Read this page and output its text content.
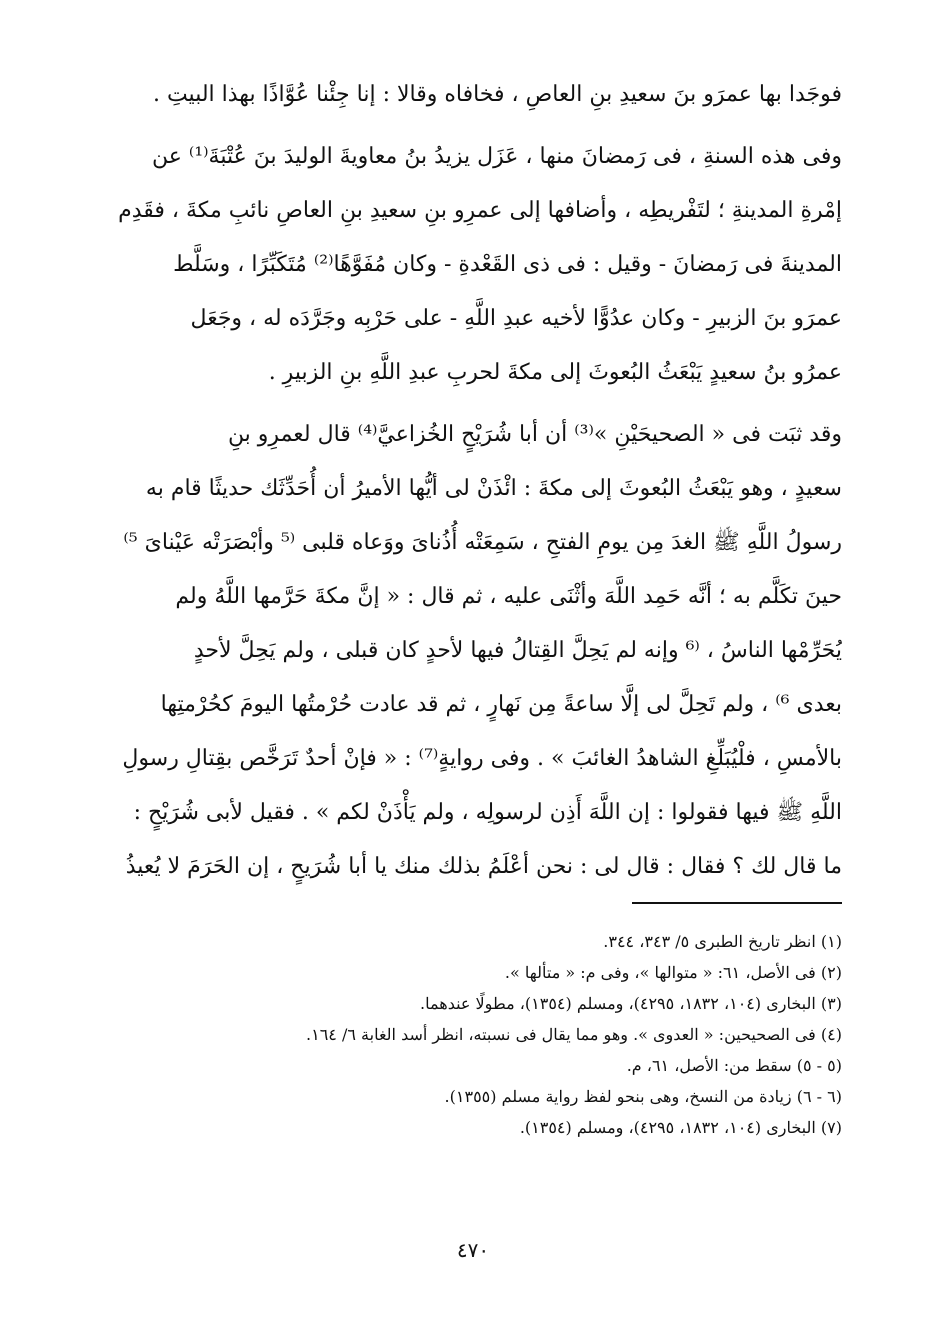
فوجَدا بها عمرَو بنَ سعيدِ بنِ العاصِ ، فخافاه وقالا : إنا جِئْنا عُوَّاذًا بهذا البيتِ .

وفى هذه السنةِ ، فى رَمضانَ منها ، عَزَل يزيدُ بنُ معاويةَ الوليدَ بنَ عُتْبَةَ⁽¹⁾ عن
إمْرةِ المدينةِ ؛ لتَفْريطِه ، وأضافها إلى عمرِو بنِ سعيدِ بنِ العاصِ نائبِ مكةَ ، فقَدِم
المدينةَ فى رَمضانَ - وقيل : فى ذى القَعْدةِ - وكان مُفَوَّهًا⁽²⁾ مُتَكَبِّرًا ، وسَلَّط
عمرَو بنَ الزبيرِ - وكان عدُوًّا لأخيه عبدِ اللَّهِ - على حَرْبِه وجَرَّدَه له ، وجَعَل
عمرُو بنُ سعيدٍ يَبْعَثُ البُعوثَ إلى مكةَ لحربِ عبدِ اللَّهِ بنِ الزبيرِ .

وقد ثبَت فى « الصحيحَيْنِ »⁽³⁾ أن أبا شُرَيْحٍ الخُزاعيَّ⁽⁴⁾ قال لعمرِو بنِ
سعيدٍ ، وهو يَبْعَثُ البُعوثَ إلى مكةَ : ائْذَنْ لى أيُّها الأميرُ أن أُحَدِّثَك حديثًا قام به
رسولُ اللَّهِ ﷺ الغدَ مِن يومِ الفتحِ ، سَمِعَتْه أُذُناىَ ووَعاه قلبى ⁽⁵ وأبْصَرَتْه عَيْناىَ ⁵⁾
حينَ تكَلَّم به ؛ أنَّه حَمِد اللَّهَ وأثْنَى عليه ، ثم قال : « إنَّ مكةَ حَرَّمها اللَّهُ ولم
يُحَرِّمْها الناسُ ، ⁽⁶ وإنه لم يَحِلَّ القِتالُ فيها لأحدٍ كان قبلى ، ولم يَحِلَّ لأحدٍ
بعدى ⁶⁾ ، ولم تَحِلَّ لى إلَّا ساعةً مِن نَهارٍ ، ثم قد عادت حُرْمتُها اليومَ كحُرْمتِها
بالأمسِ ، فلْيُبَلِّغِ الشاهدُ الغائبَ » . وفى روايةٍ⁽⁷⁾ : « فإنْ أحدٌ تَرَخَّص بقِتالِ رسولِ
اللَّهِ ﷺ فيها فقولوا : إن اللَّهَ أَذِن لرسولِه ، ولم يَأْذَنْ لكم » . فقيل لأبى شُرَيْحٍ :
ما قال لك ؟ فقال : قال لى : نحن أعْلَمُ بذلك منك يا أبا شُرَيحٍ ، إن الحَرَمَ لا يُعيذُ

(١) انظر تاريخ الطبرى ٥/ ٣٤٣، ٣٤٤.
(٢) فى الأصل، ٦١: « متوالها »، وفى م: « متألها ».
(٣) البخارى (١٠٤، ١٨٣٢، ٤٢٩٥)، ومسلم (١٣٥٤)، مطولًا عندهما.
(٤) فى الصحيحين: « العدوى ». وهو مما يقال فى نسبته، انظر أسد الغابة ٦/ ١٦٤.
(٥ - ٥) سقط من: الأصل، ٦١، م.
(٦ - ٦) زيادة من النسخ، وهى بنحو لفظ رواية مسلم (١٣٥٥).
(٧) البخارى (١٠٤، ١٨٣٢، ٤٢٩٥)، ومسلم (١٣٥٤).
٤٧٠
